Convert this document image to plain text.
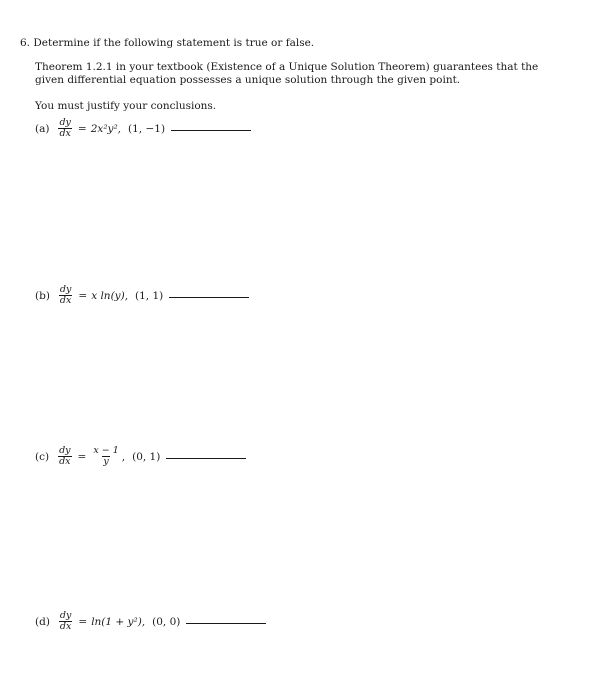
6. Determine if the following statement is true or false.

Theorem 1.2.1 in your textbook (Existence of a Unique Solution Theorem) guarantees that the given differential equation possesses a unique solution through the given point.

You must justify your conclusions.

$(a) \frac{dy}{dx} = 2x^2y^2$, (1, −1)
$(b) \frac{dy}{dx} = x$ ln(y), (1, 1)
$(c) \frac{dy}{dx} = \frac{x - 1}{y}$ , (0, 1)
$(d) \frac{dy}{dx} = \ln(1 + y^2)$, (0, 0)
